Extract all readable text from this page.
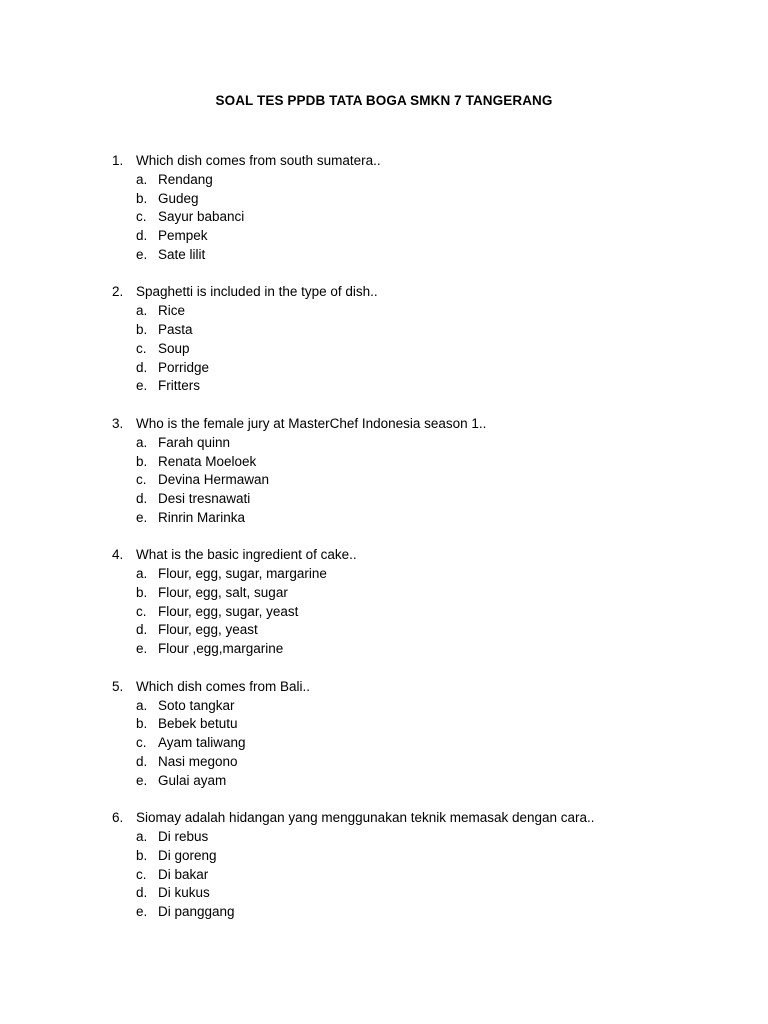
SOAL TES PPDB TATA BOGA SMKN 7 TANGERANG
1. Which dish comes from south sumatera..
a. Rendang
b. Gudeg
c. Sayur babanci
d. Pempek
e. Sate lilit
2. Spaghetti is included in the type of dish..
a. Rice
b. Pasta
c. Soup
d. Porridge
e. Fritters
3. Who is the female jury at MasterChef Indonesia season 1..
a. Farah quinn
b. Renata Moeloek
c. Devina Hermawan
d. Desi tresnawati
e. Rinrin Marinka
4. What is the basic ingredient of cake..
a. Flour, egg, sugar, margarine
b. Flour, egg, salt, sugar
c. Flour, egg, sugar, yeast
d. Flour, egg, yeast
e. Flour ,egg,margarine
5. Which dish comes from Bali..
a. Soto tangkar
b. Bebek betutu
c. Ayam taliwang
d. Nasi megono
e. Gulai ayam
6. Siomay adalah hidangan yang menggunakan teknik memasak dengan cara..
a. Di rebus
b. Di goreng
c. Di bakar
d. Di kukus
e. Di panggang
